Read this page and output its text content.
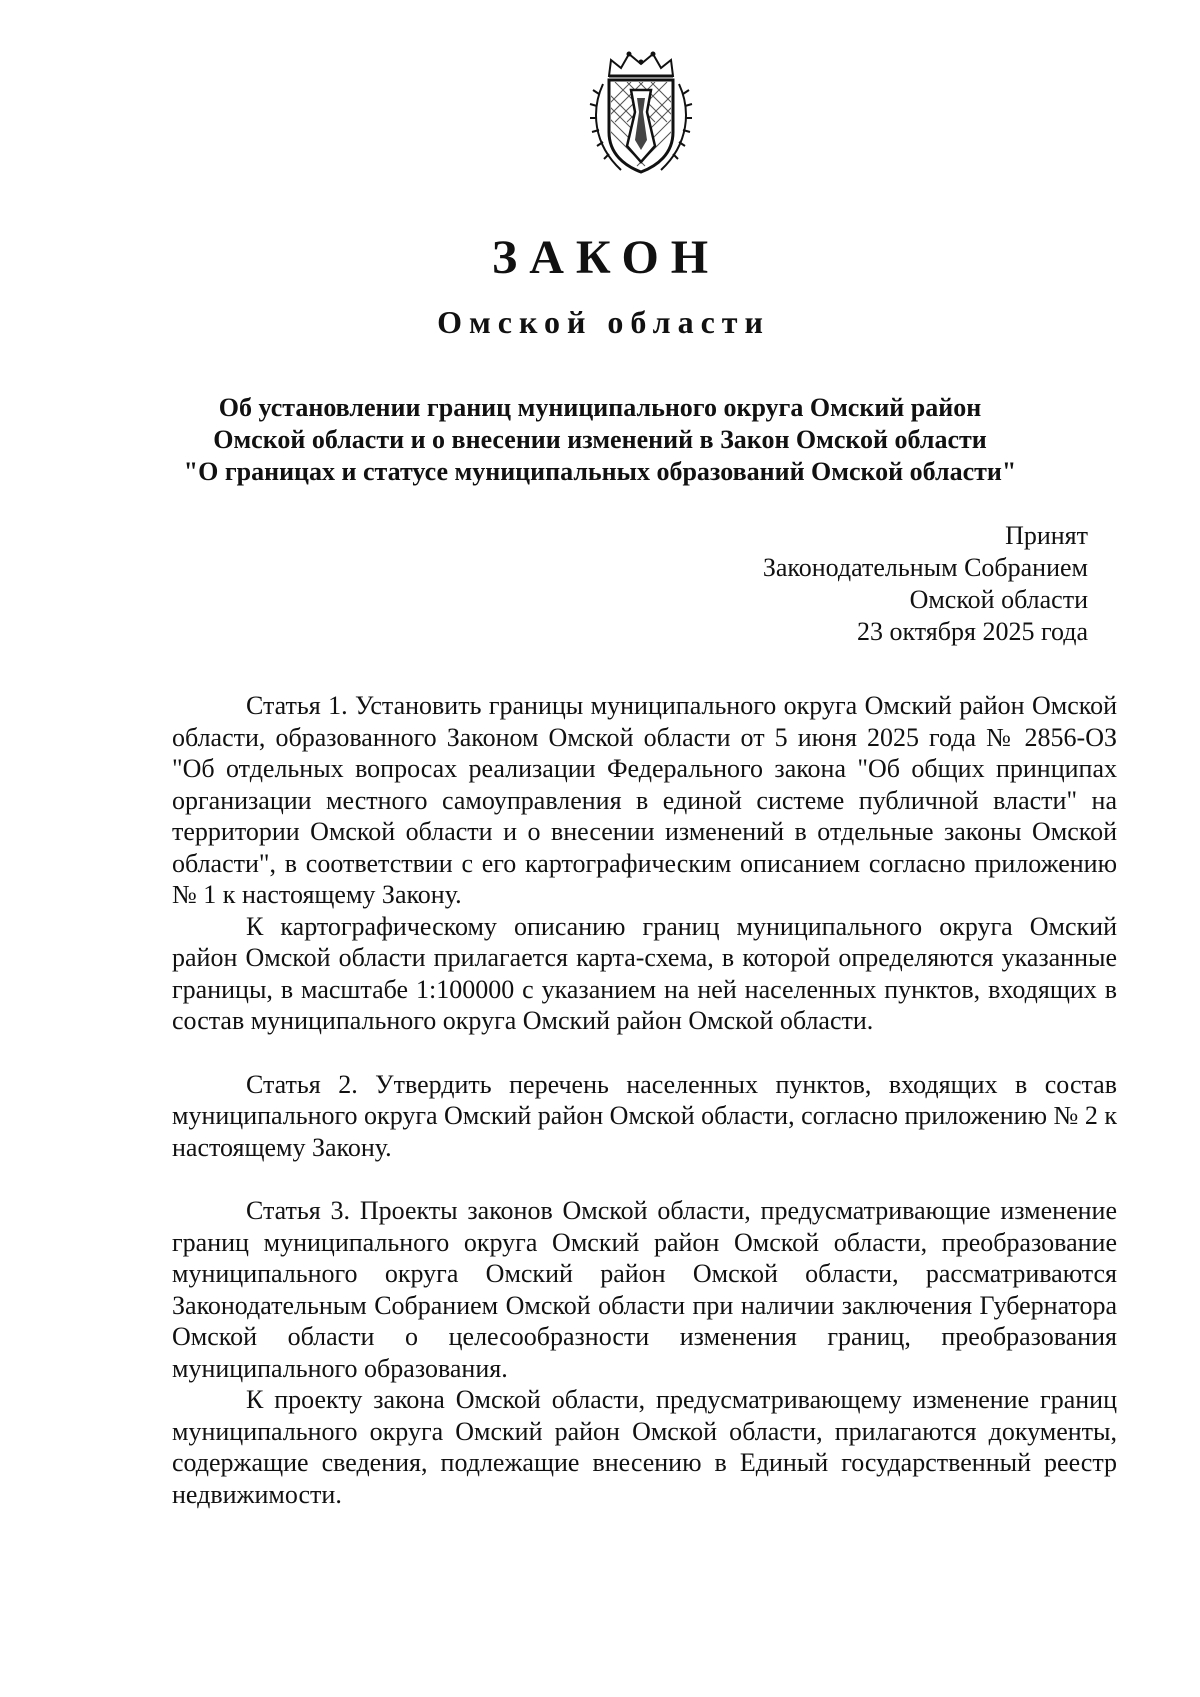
ЗАКОН
Омской области
Об установлении границ муниципального округа Омский район
Омской области и о внесении изменений в Закон Омской области
"О границах и статусе муниципальных образований Омской области"
Принят
Законодательным Собранием
Омской области
23 октября 2025 года

Статья 1. Установить границы муниципального округа Омский район Омской области, образованного Законом Омской области от 5 июня 2025 года № 2856-ОЗ "Об отдельных вопросах реализации Федерального закона "Об общих принципах организации местного самоуправления в единой системе публичной власти" на территории Омской области и о внесении изменений в отдельные законы Омской области", в соответствии с его картографическим описанием согласно приложению № 1 к настоящему Закону.

К картографическому описанию границ муниципального округа Омский район Омской области прилагается карта-схема, в которой определяются указанные границы, в масштабе 1:100000 с указанием на ней населенных пунктов, входящих в состав муниципального округа Омский район Омской области.

Статья 2. Утвердить перечень населенных пунктов, входящих в состав муниципального округа Омский район Омской области, согласно приложению № 2 к настоящему Закону.

Статья 3. Проекты законов Омской области, предусматривающие изменение границ муниципального округа Омский район Омской области, преобразование муниципального округа Омский район Омской области, рассматриваются Законодательным Собранием Омской области при наличии заключения Губернатора Омской области о целесообразности изменения границ, преобразования муниципального образования.

К проекту закона Омской области, предусматривающему изменение границ муниципального округа Омский район Омской области, прилагаются документы, содержащие сведения, подлежащие внесению в Единый государственный реестр недвижимости.
